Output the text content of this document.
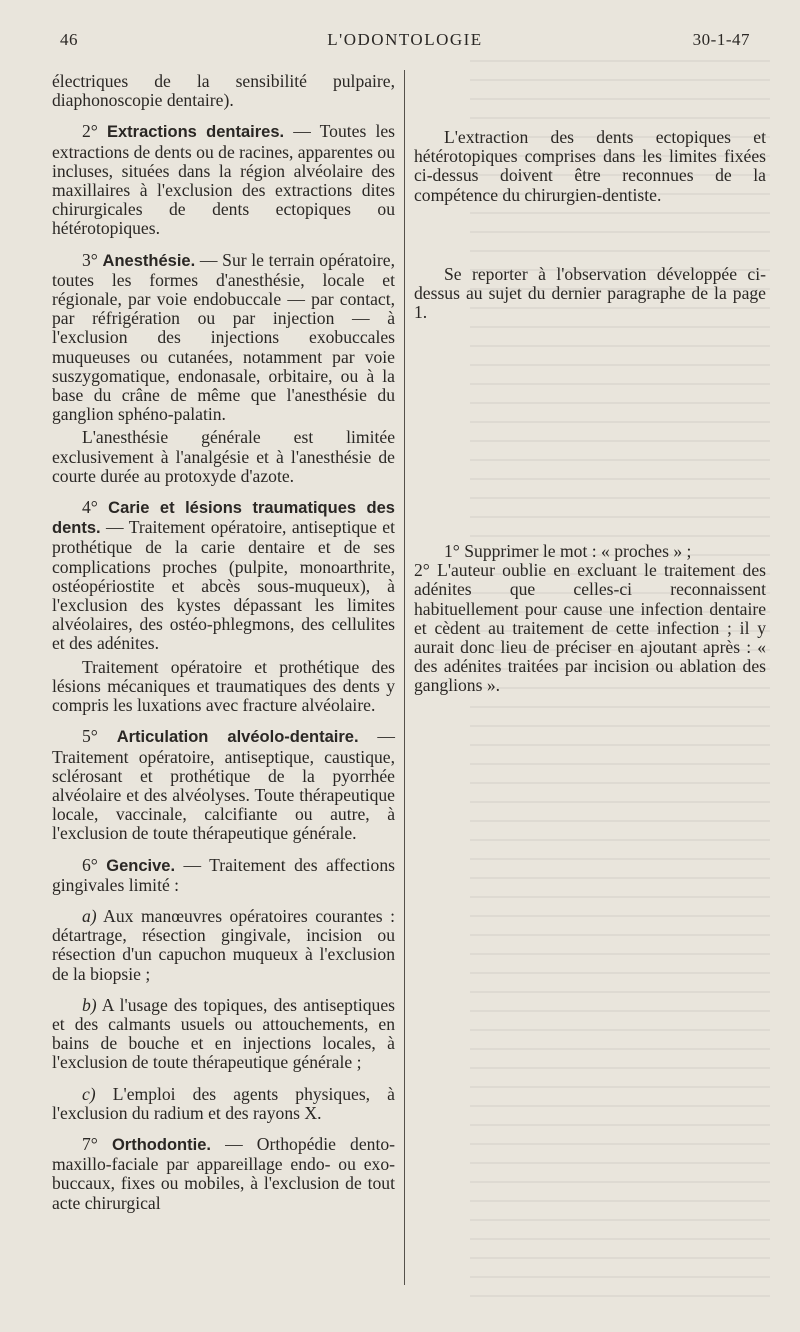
46	L'ODONTOLOGIE	30-1-47

électriques de la sensibilité pulpaire, diaphonoscopie dentaire).

2° Extractions dentaires. — Toutes les extractions de dents ou de racines, apparentes ou incluses, situées dans la région alvéolaire des maxillaires à l'exclusion des extractions dites chirurgicales de dents ectopiques ou hétérotopiques.

3° Anesthésie. — Sur le terrain opératoire, toutes les formes d'anesthésie, locale et régionale, par voie endobuccale — par contact, par réfrigération ou par injection — à l'exclusion des injections exobuccales muqueuses ou cutanées, notamment par voie suszygomatique, endonasale, orbitaire, ou à la base du crâne de même que l'anesthésie du ganglion sphéno-palatin.

L'anesthésie générale est limitée exclusivement à l'analgésie et à l'anesthésie de courte durée au protoxyde d'azote.

4° Carie et lésions traumatiques des dents. — Traitement opératoire, antiseptique et prothétique de la carie dentaire et de ses complications proches (pulpite, monoarthrite, ostéopériostite et abcès sous-muqueux), à l'exclusion des kystes dépassant les limites alvéolaires, des ostéo-phlegmons, des cellulites et des adénites.

Traitement opératoire et prothétique des lésions mécaniques et traumatiques des dents y compris les luxations avec fracture alvéolaire.

5° Articulation alvéolo-dentaire. — Traitement opératoire, antiseptique, caustique, sclérosant et prothétique de la pyorrhée alvéolaire et des alvéolyses. Toute thérapeutique locale, vaccinale, calcifiante ou autre, à l'exclusion de toute thérapeutique générale.

6° Gencive. — Traitement des affections gingivales limité :

a) Aux manœuvres opératoires courantes : détartrage, résection gingivale, incision ou résection d'un capuchon muqueux à l'exclusion de la biopsie ;

b) A l'usage des topiques, des antiseptiques et des calmants usuels ou attouchements, en bains de bouche et en injections locales, à l'exclusion de toute thérapeutique générale ;

c) L'emploi des agents physiques, à l'exclusion du radium et des rayons X.

7° Orthodontie. — Orthopédie dento-maxillo-faciale par appareillage endo- ou exo-buccaux, fixes ou mobiles, à l'exclusion de tout acte chirurgical

L'extraction des dents ectopiques et hétérotopiques comprises dans les limites fixées ci-dessus doivent être reconnues de la compétence du chirurgien-dentiste.

Se reporter à l'observation développée ci-dessus au sujet du dernier paragraphe de la page 1.

1° Supprimer le mot : « proches » ;

2° L'auteur oublie en excluant le traitement des adénites que celles-ci reconnaissent habituellement pour cause une infection dentaire et cèdent au traitement de cette infection ; il y aurait donc lieu de préciser en ajoutant après : « des adénites traitées par incision ou ablation des ganglions ».
